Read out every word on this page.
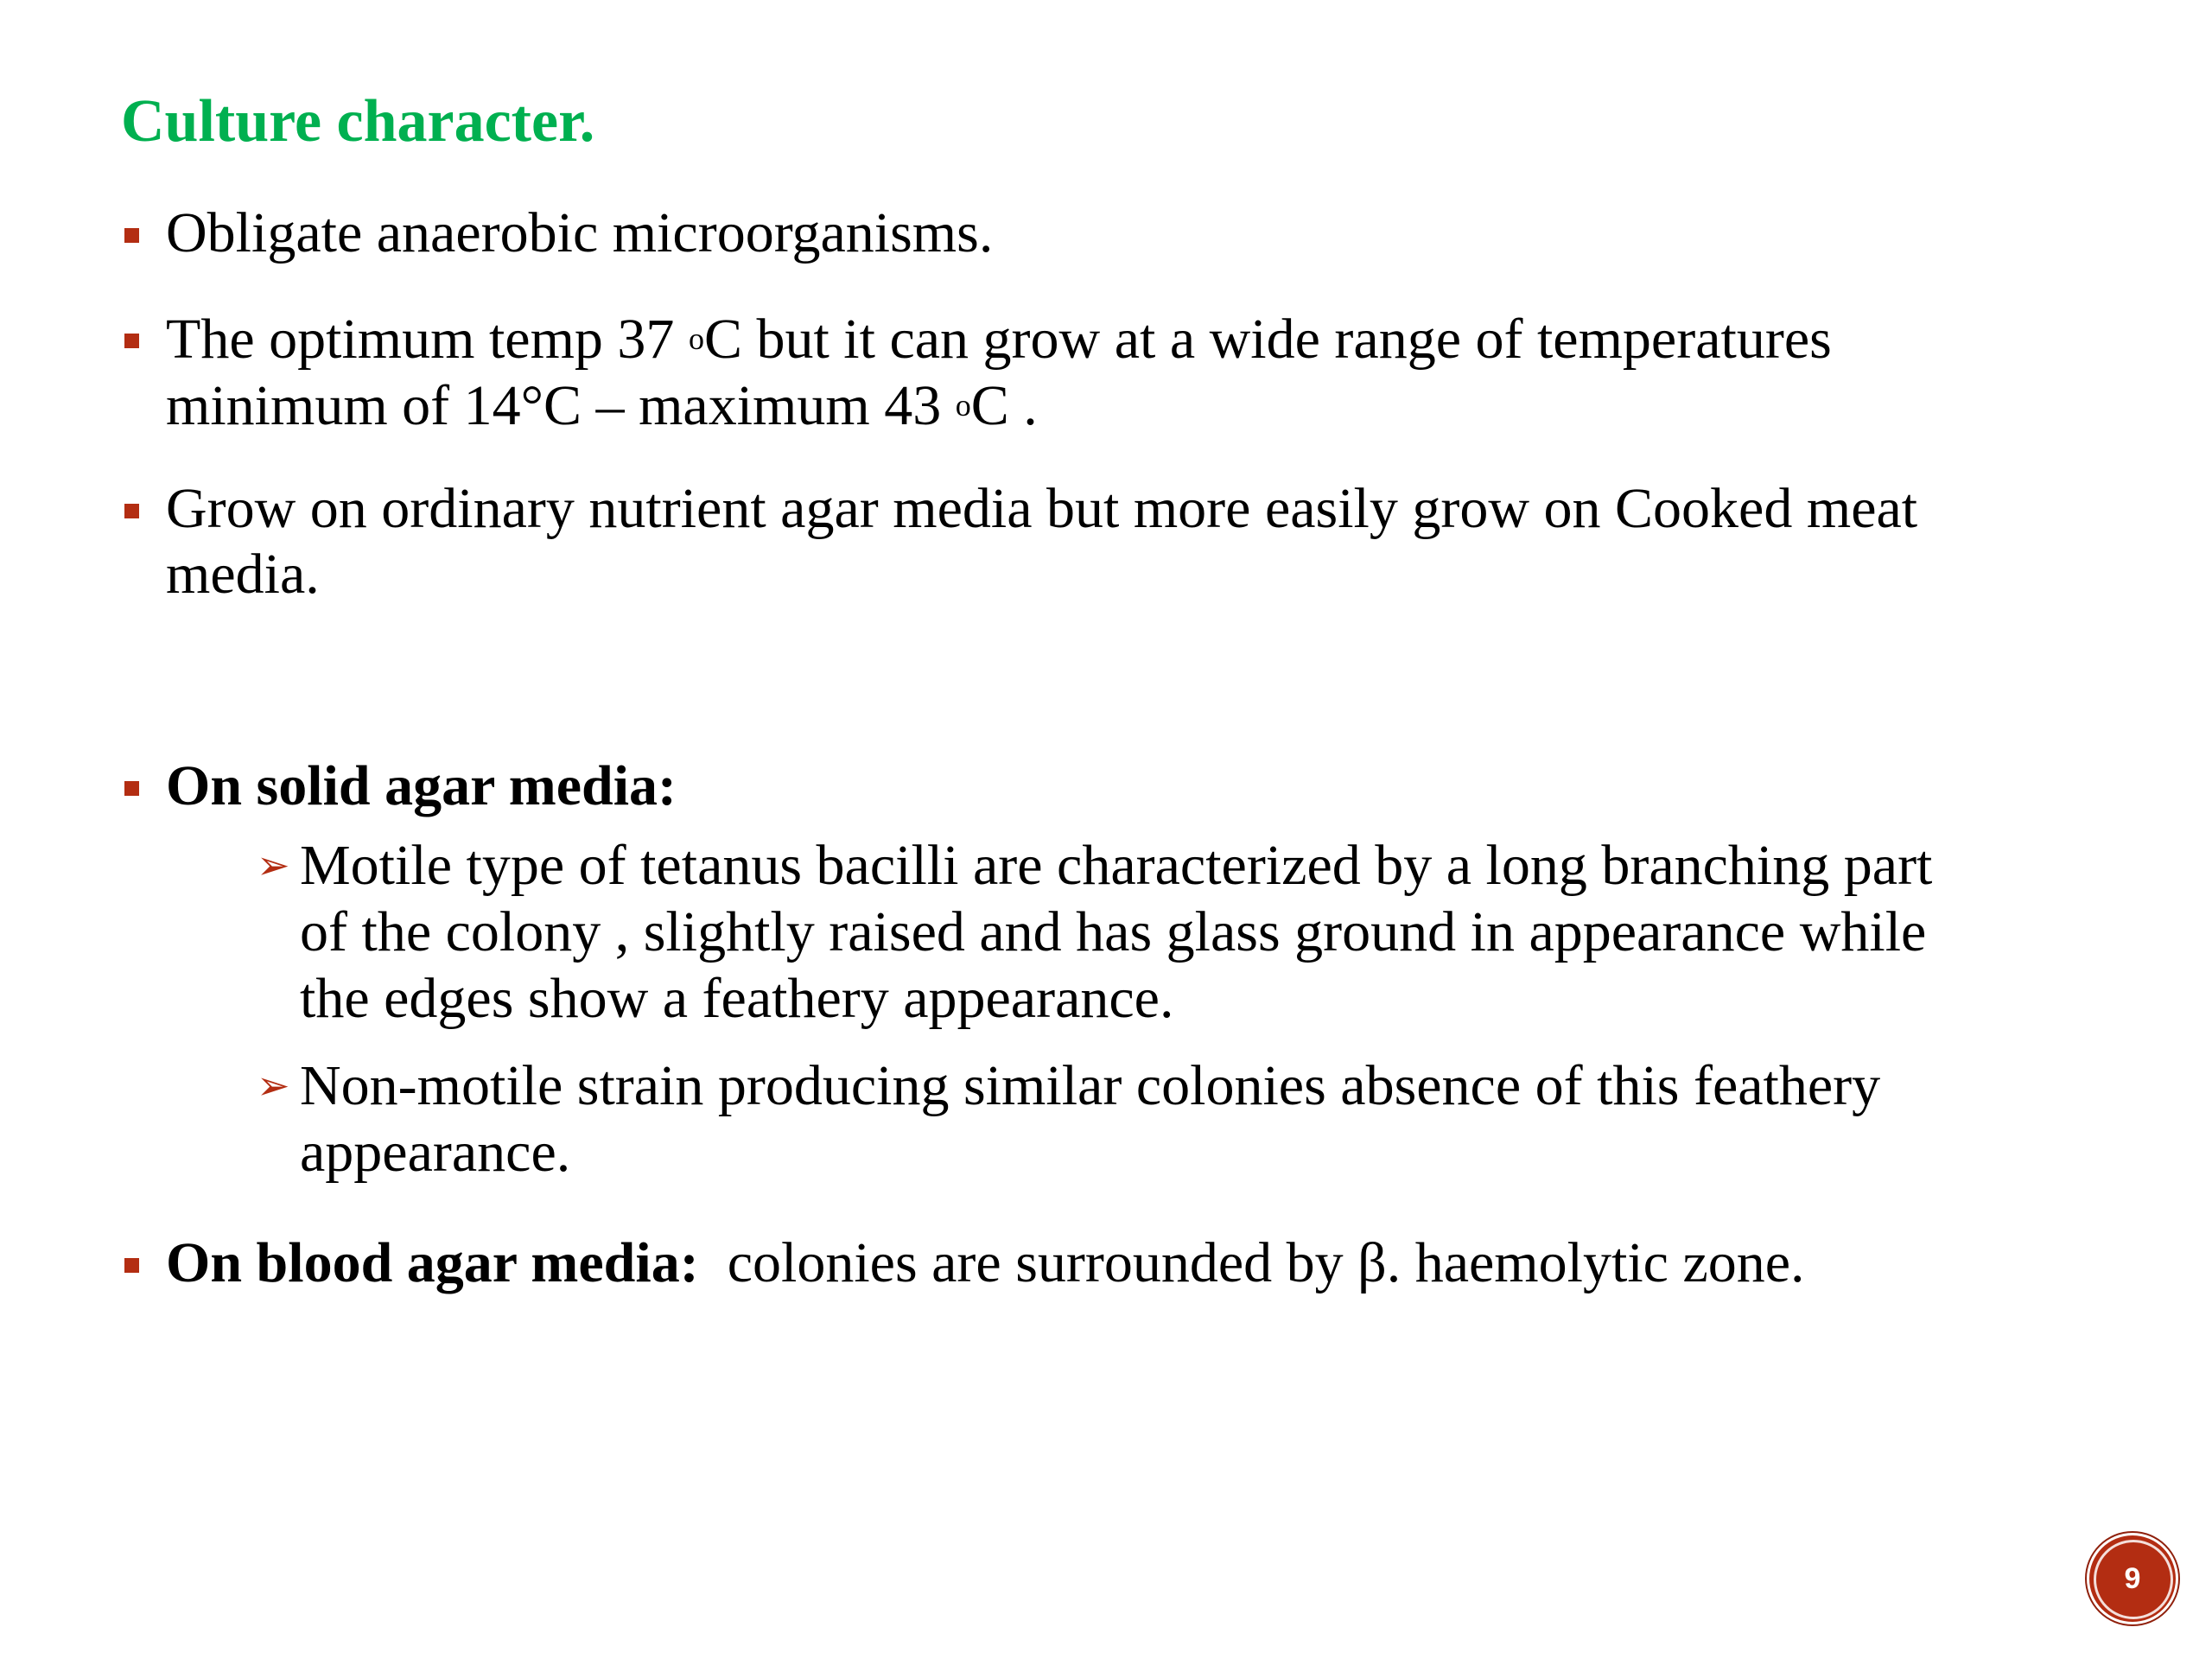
Culture character.
Obligate anaerobic microorganisms.
The optimum temp 37 oC but it can grow at a wide range of temperatures minimum of 14°C – maximum 43 oC .
Grow on ordinary nutrient agar media but more easily grow on Cooked meat media.
On solid agar media:
➢ Motile type of tetanus bacilli are characterized by a long branching part of the colony , slightly raised and has glass ground in appearance while the edges show a feathery appearance.
➢ Non-motile strain producing similar colonies absence of this feathery appearance.
On blood agar media:  colonies are surrounded by β. haemolytic zone.
9
